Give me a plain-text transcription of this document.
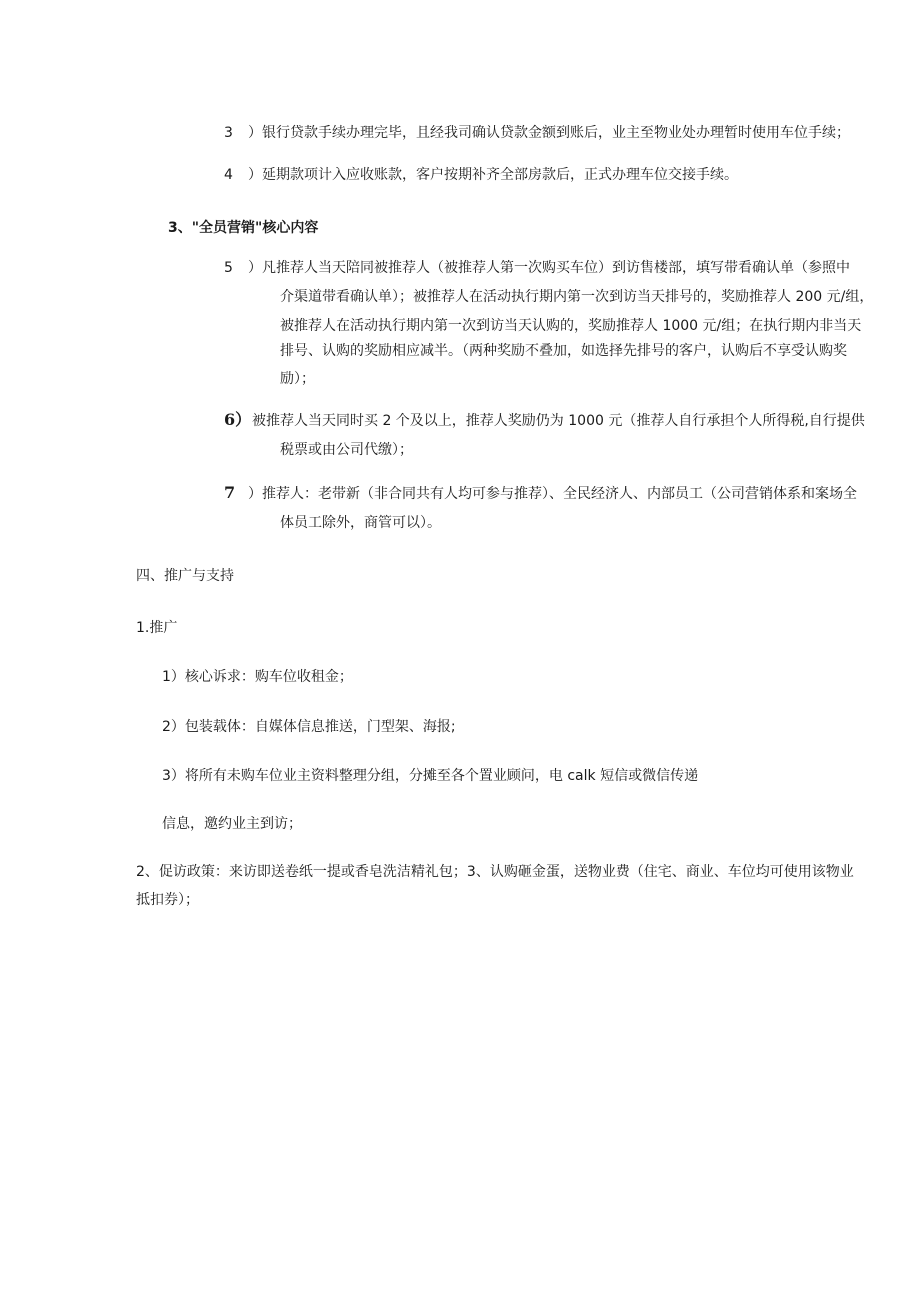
3 ）银行贷款手续办理完毕，且经我司确认贷款金额到账后，业主至物业处办理暂时使用车位手续；
4 ）延期款项计入应收账款，客户按期补齐全部房款后，正式办理车位交接手续。
3、"全员营销"核心内容
5 ）凡推荐人当天陪同被推荐人（被推荐人第一次购买车位）到访售楼部，填写带看确认单（参照中
介渠道带看确认单）；被推荐人在活动执行期内第一次到访当天排号的，奖励推荐人 200 元/组，
被推荐人在活动执行期内第一次到访当天认购的，奖励推荐人 1000 元/组；在执行期内非当天
排号、认购的奖励相应减半。（两种奖励不叠加，如选择先排号的客户，认购后不享受认购奖
励）；
6） 被推荐人当天同时买 2 个及以上，推荐人奖励仍为 1000 元（推荐人自行承担个人所得税,自行提供
税票或由公司代缴）；
7 ）推荐人：老带新（非合同共有人均可参与推荐）、全民经济人、内部员工（公司营销体系和案场全
体员工除外，商管可以）。
四、推广与支持
1.推广
1）核心诉求：购车位收租金；
2）包装载体：自媒体信息推送，门型架、海报;
3）将所有未购车位业主资料整理分组，分摊至各个置业顾问，电 calk 短信或微信传递
信息，邀约业主到访；
2、促访政策：来访即送卷纸一提或香皂洗洁精礼包；3、认购砸金蛋，送物业费（住宅、商业、车位均可使用该物业
抵扣券）；
